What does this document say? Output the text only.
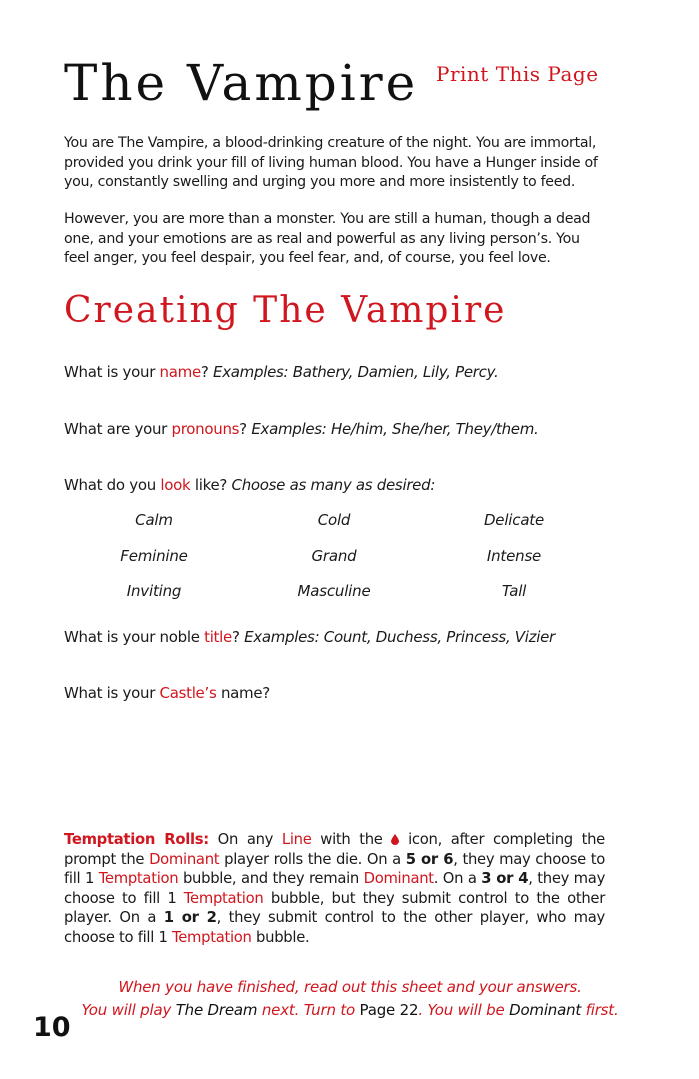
The Vampire Print This Page

You are The Vampire, a blood-drinking creature of the night. You are immortal, provided you drink your fill of living human blood. You have a Hunger inside of you, constantly swelling and urging you more and more insistently to feed.

However, you are more than a monster. You are still a human, though a dead one, and your emotions are as real and powerful as any living person’s. You feel anger, you feel despair, you feel fear, and, of course, you feel love.

Creating The Vampire

What is your name? Examples: Bathery, Damien, Lily, Percy.

What are your pronouns? Examples: He/him, She/her, They/them.

What do you look like? Choose as many as desired:

Calm	Cold	Delicate
Feminine	Grand	Intense
Inviting	Masculine	Tall

What is your noble title? Examples: Count, Duchess, Princess, Vizier

What is your Castle’s name?

Temptation Rolls: On any Line with the  icon, after completing the prompt the Dominant player rolls the die. On a 5 or 6, they may choose to fill 1 Temptation bubble, and they remain Dominant. On a 3 or 4, they may choose to fill 1 Temptation bubble, but they submit control to the other player. On a 1 or 2, they submit control to the other player, who may choose to fill 1 Temptation bubble.

When you have finished, read out this sheet and your answers.

You will play The Dream next. Turn to Page 22. You will be Dominant first.

10
